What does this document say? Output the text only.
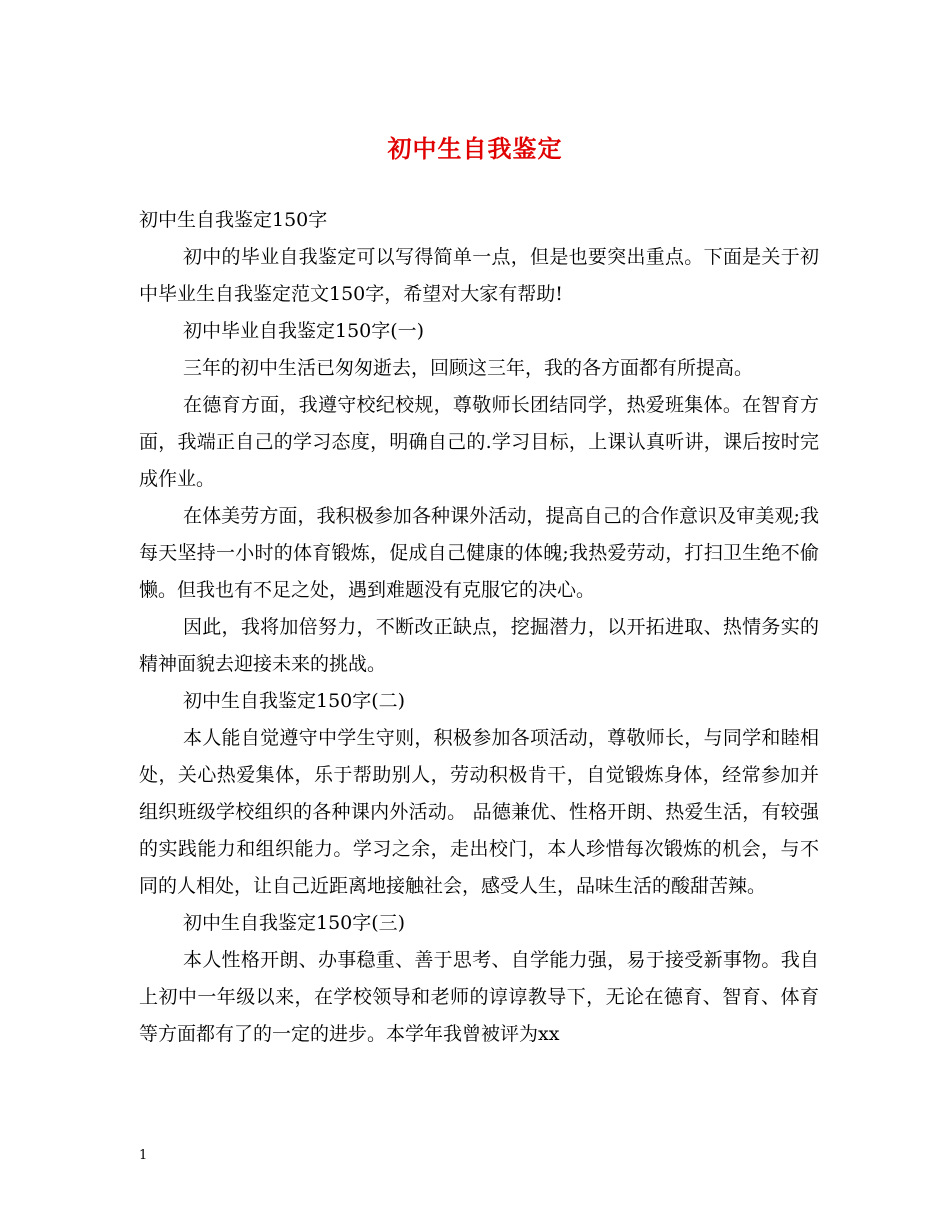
初中生自我鉴定

初中生自我鉴定150字

初中的毕业自我鉴定可以写得简单一点，但是也要突出重点。下面是关于初中毕业生自我鉴定范文150字，希望对大家有帮助!

初中毕业自我鉴定150字(一)

三年的初中生活已匆匆逝去，回顾这三年，我的各方面都有所提高。

在德育方面，我遵守校纪校规，尊敬师长团结同学，热爱班集体。在智育方面，我端正自己的学习态度，明确自己的.学习目标，上课认真听讲，课后按时完成作业。

在体美劳方面，我积极参加各种课外活动，提高自己的合作意识及审美观;我每天坚持一小时的体育锻炼，促成自己健康的体魄;我热爱劳动，打扫卫生绝不偷懒。但我也有不足之处，遇到难题没有克服它的决心。

因此，我将加倍努力，不断改正缺点，挖掘潜力，以开拓进取、热情务实的精神面貌去迎接未来的挑战。

初中生自我鉴定150字(二)

本人能自觉遵守中学生守则，积极参加各项活动，尊敬师长，与同学和睦相处，关心热爱集体，乐于帮助别人，劳动积极肯干，自觉锻炼身体，经常参加并组织班级学校组织的各种课内外活动。 品德兼优、性格开朗、热爱生活，有较强的实践能力和组织能力。学习之余，走出校门，本人珍惜每次锻炼的机会，与不同的人相处，让自己近距离地接触社会，感受人生，品味生活的酸甜苦辣。

初中生自我鉴定150字(三)

本人性格开朗、办事稳重、善于思考、自学能力强，易于接受新事物。我自上初中一年级以来，在学校领导和老师的谆谆教导下，无论在德育、智育、体育等方面都有了的一定的进步。本学年我曾被评为xx

1
